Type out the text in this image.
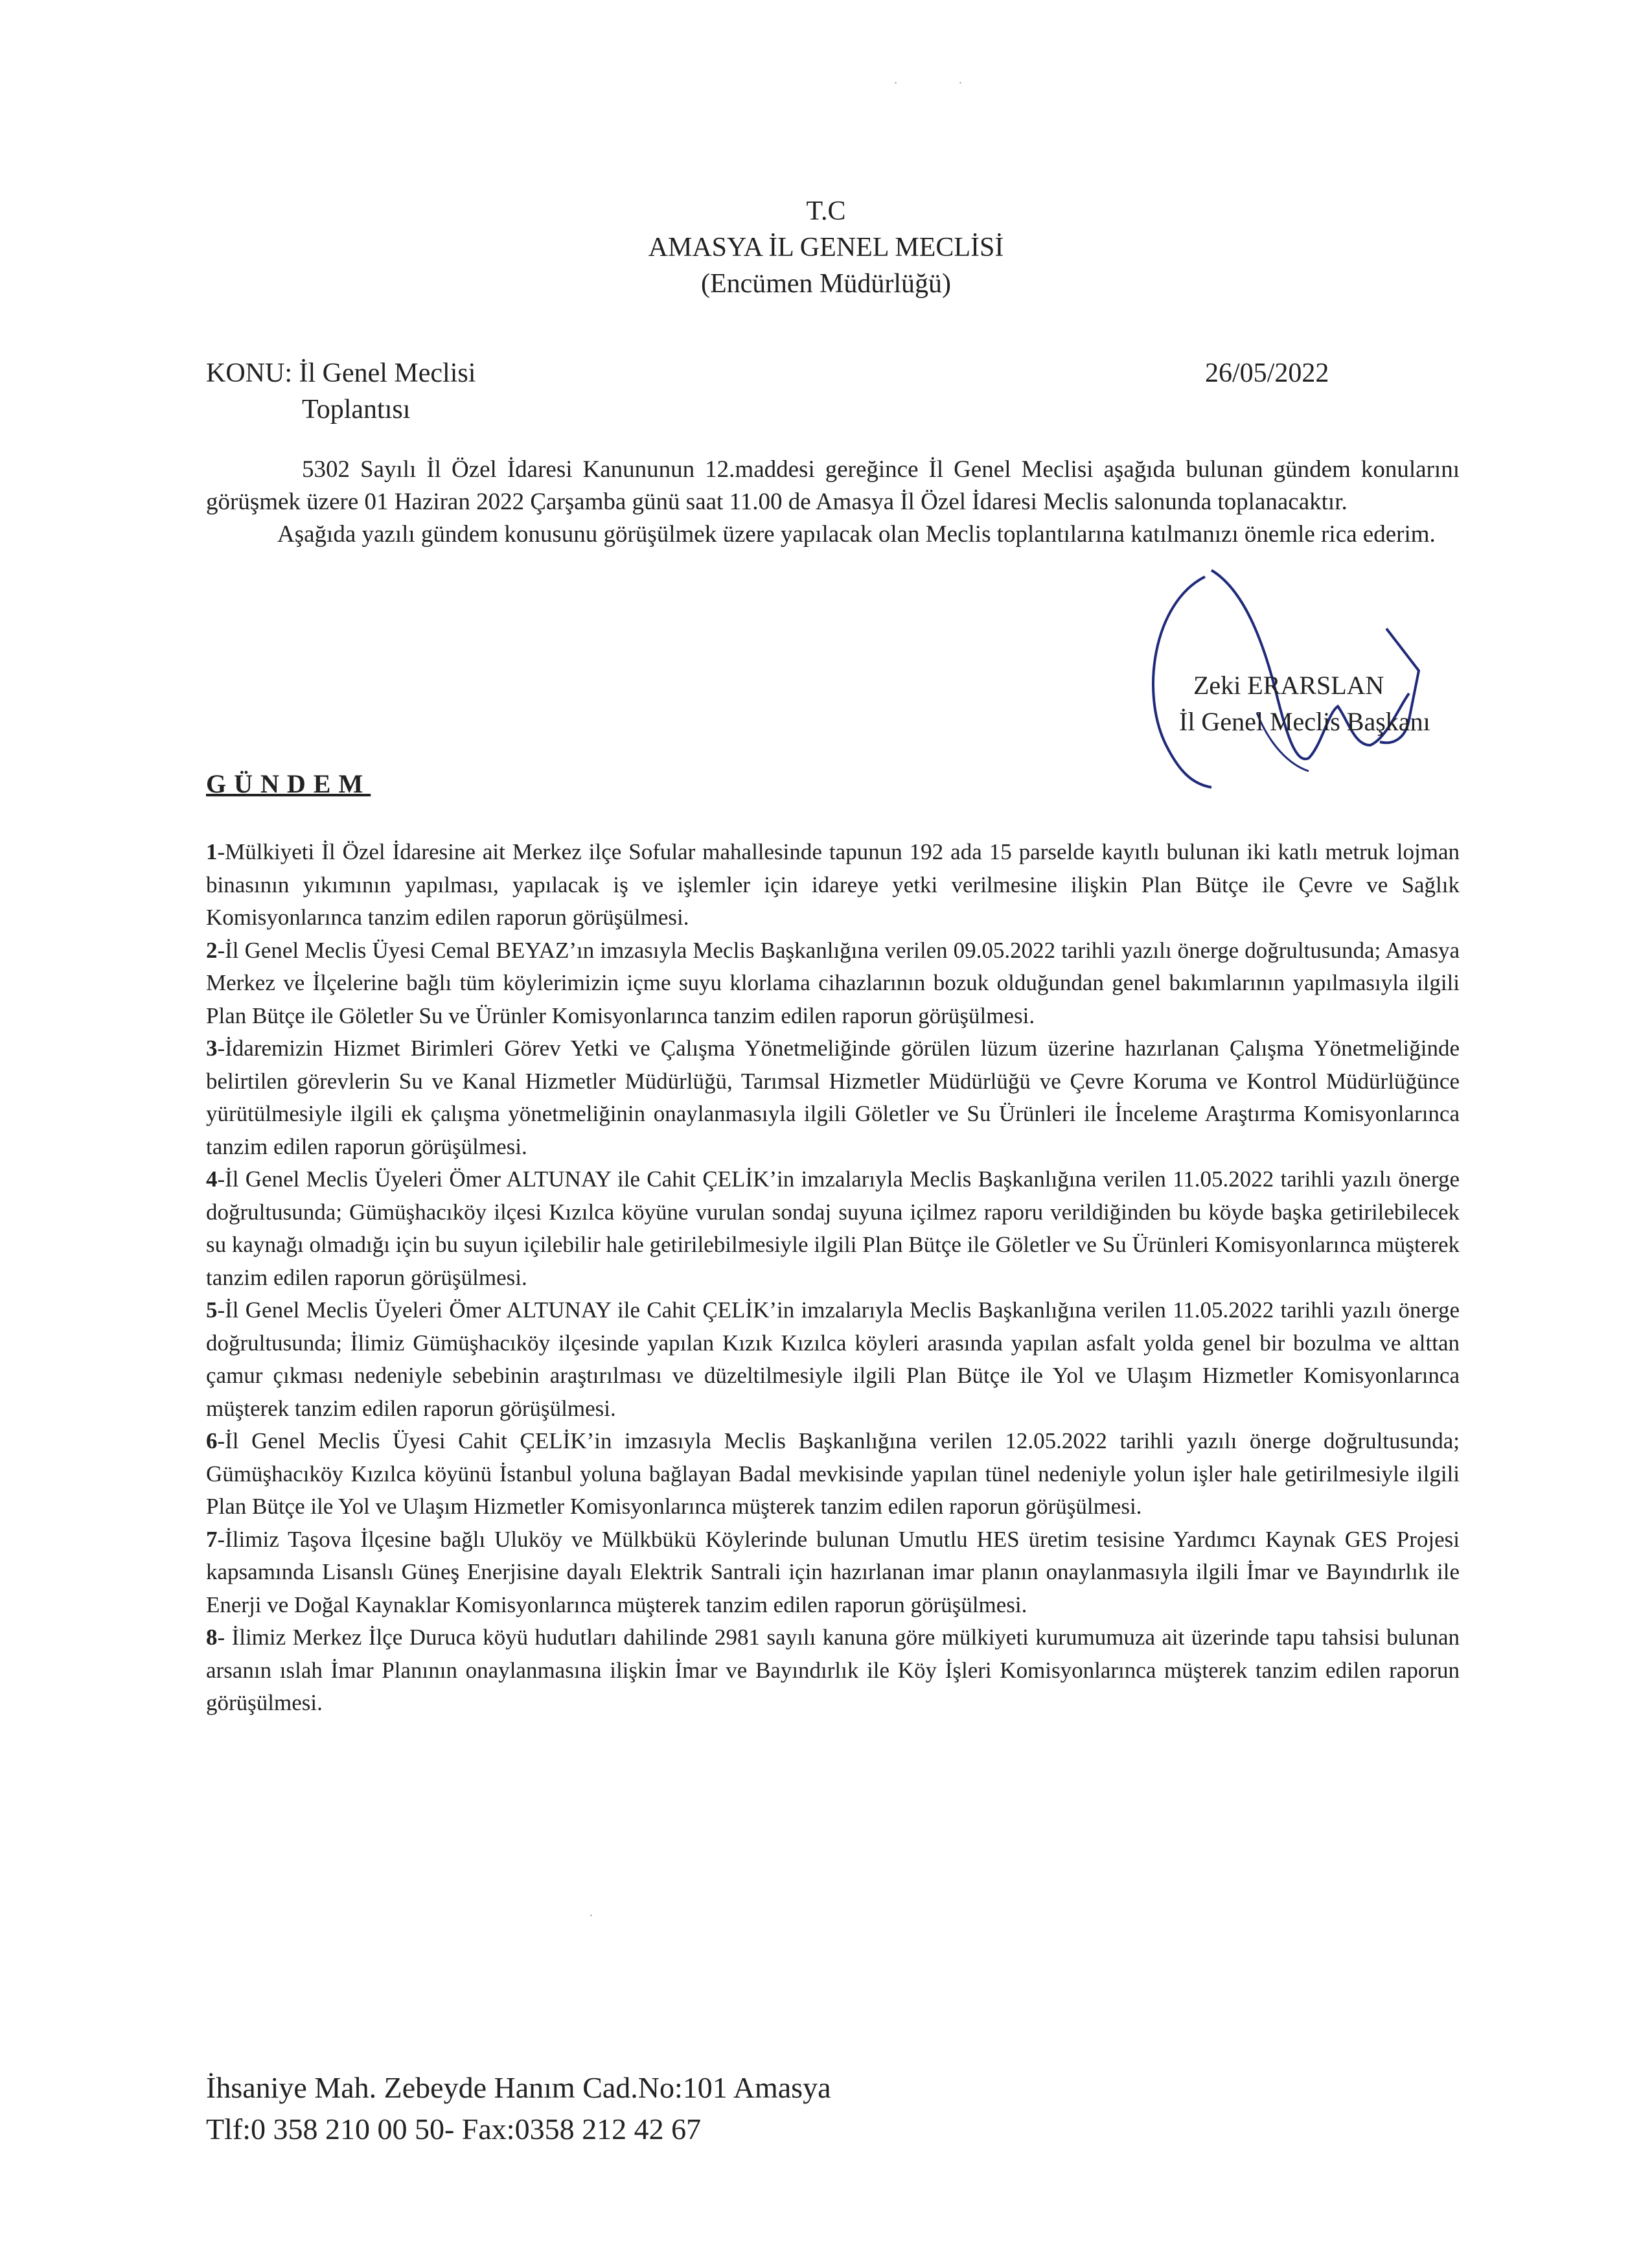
.	.
T.C
AMASYA İL GENEL MECLİSİ
(Encümen Müdürlüğü)
KONU: İl Genel Meclisi
Toplantısı
26/05/2022

5302 Sayılı İl Özel İdaresi Kanununun 12.maddesi gereğince İl Genel Meclisi aşağıda bulunan gündem konularını görüşmek üzere 01 Haziran 2022 Çarşamba günü saat 11.00 de Amasya İl Özel İdaresi Meclis salonunda toplanacaktır.

Aşağıda yazılı gündem konusunu görüşülmek üzere yapılacak olan Meclis toplantılarına katılmanızı önemle rica ederim.

Zeki ERARSLAN
İl Genel Meclis Başkanı
GÜNDEM

1-Mülkiyeti İl Özel İdaresine ait Merkez ilçe Sofular mahallesinde tapunun 192 ada 15 parselde kayıtlı bulunan iki katlı metruk lojman binasının yıkımının yapılması, yapılacak iş ve işlemler için idareye yetki verilmesine ilişkin Plan Bütçe ile Çevre ve Sağlık Komisyonlarınca tanzim edilen raporun görüşülmesi.

2-İl Genel Meclis Üyesi Cemal BEYAZ’ın imzasıyla Meclis Başkanlığına verilen 09.05.2022 tarihli yazılı önerge doğrultusunda; Amasya Merkez ve İlçelerine bağlı tüm köylerimizin içme suyu klorlama cihazlarının bozuk olduğundan genel bakımlarının yapılmasıyla ilgili Plan Bütçe ile Göletler Su ve Ürünler Komisyonlarınca tanzim edilen raporun görüşülmesi.

3-İdaremizin Hizmet Birimleri Görev Yetki ve Çalışma Yönetmeliğinde görülen lüzum üzerine hazırlanan Çalışma Yönetmeliğinde belirtilen görevlerin Su ve Kanal Hizmetler Müdürlüğü, Tarımsal Hizmetler Müdürlüğü ve Çevre Koruma ve Kontrol Müdürlüğünce yürütülmesiyle ilgili ek çalışma yönetmeliğinin onaylanmasıyla ilgili Göletler ve Su Ürünleri ile İnceleme Araştırma Komisyonlarınca tanzim edilen raporun görüşülmesi.

4-İl Genel Meclis Üyeleri Ömer ALTUNAY ile Cahit ÇELİK’in imzalarıyla Meclis Başkanlığına verilen 11.05.2022 tarihli yazılı önerge doğrultusunda; Gümüşhacıköy ilçesi Kızılca köyüne vurulan sondaj suyuna içilmez raporu verildiğinden bu köyde başka getirilebilecek su kaynağı olmadığı için bu suyun içilebilir hale getirilebilmesiyle ilgili Plan Bütçe ile Göletler ve Su Ürünleri Komisyonlarınca müşterek tanzim edilen raporun görüşülmesi.

5-İl Genel Meclis Üyeleri Ömer ALTUNAY ile Cahit ÇELİK’in imzalarıyla Meclis Başkanlığına verilen 11.05.2022 tarihli yazılı önerge doğrultusunda; İlimiz Gümüşhacıköy ilçesinde yapılan Kızık Kızılca köyleri arasında yapılan asfalt yolda genel bir bozulma ve alttan çamur çıkması nedeniyle sebebinin araştırılması ve düzeltilmesiyle ilgili Plan Bütçe ile Yol ve Ulaşım Hizmetler Komisyonlarınca müşterek tanzim edilen raporun görüşülmesi.

6-İl Genel Meclis Üyesi Cahit ÇELİK’in imzasıyla Meclis Başkanlığına verilen 12.05.2022 tarihli yazılı önerge doğrultusunda; Gümüşhacıköy Kızılca köyünü İstanbul yoluna bağlayan Badal mevkisinde yapılan tünel nedeniyle yolun işler hale getirilmesiyle ilgili Plan Bütçe ile Yol ve Ulaşım Hizmetler Komisyonlarınca müşterek tanzim edilen raporun görüşülmesi.

7-İlimiz Taşova İlçesine bağlı Uluköy ve Mülkbükü Köylerinde bulunan Umutlu HES üretim tesisine Yardımcı Kaynak GES Projesi kapsamında Lisanslı Güneş Enerjisine dayalı Elektrik Santrali için hazırlanan imar planın onaylanmasıyla ilgili İmar ve Bayındırlık ile Enerji ve Doğal Kaynaklar Komisyonlarınca müşterek tanzim edilen raporun görüşülmesi.

8- İlimiz Merkez İlçe Duruca köyü hudutları dahilinde 2981 sayılı kanuna göre mülkiyeti kurumumuza ait üzerinde tapu tahsisi bulunan arsanın ıslah İmar Planının onaylanmasına ilişkin İmar ve Bayındırlık ile Köy İşleri Komisyonlarınca müşterek tanzim edilen raporun görüşülmesi.

.
İhsaniye Mah. Zebeyde Hanım Cad.No:101 Amasya
Tlf:0 358 210 00 50- Fax:0358 212 42 67
